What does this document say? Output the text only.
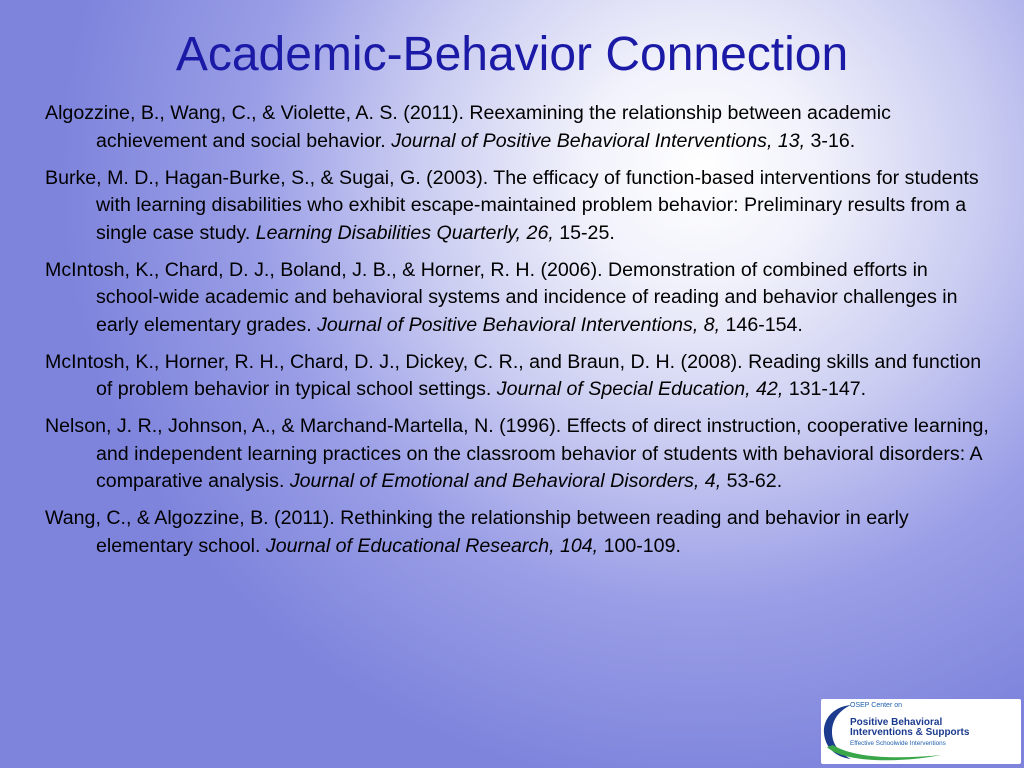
Academic-Behavior Connection

Algozzine, B., Wang, C., & Violette, A. S. (2011). Reexamining the relationship between academic achievement and social behavior. Journal of Positive Behavioral Interventions, 13, 3-16.

Burke, M. D., Hagan-Burke, S., & Sugai, G. (2003). The efficacy of function-based interventions for students with learning disabilities who exhibit escape-maintained problem behavior: Preliminary results from a single case study. Learning Disabilities Quarterly, 26, 15-25.

McIntosh, K., Chard, D. J., Boland, J. B., & Horner, R. H. (2006). Demonstration of combined efforts in school-wide academic and behavioral systems and incidence of reading and behavior challenges in early elementary grades. Journal of Positive Behavioral Interventions, 8, 146-154.

McIntosh, K., Horner, R. H., Chard, D. J., Dickey, C. R., and Braun, D. H. (2008). Reading skills and function of problem behavior in typical school settings. Journal of Special Education, 42, 131-147.

Nelson, J. R., Johnson, A., & Marchand-Martella, N. (1996). Effects of direct instruction, cooperative learning, and independent learning practices on the classroom behavior of students with behavioral disorders: A comparative analysis. Journal of Emotional and Behavioral Disorders, 4, 53-62.

Wang, C., & Algozzine, B. (2011). Rethinking the relationship between reading and behavior in early elementary school. Journal of Educational Research, 104, 100-109.

OSEP Center on
Positive Behavioral
Interventions & Supports
Effective Schoolwide Interventions
